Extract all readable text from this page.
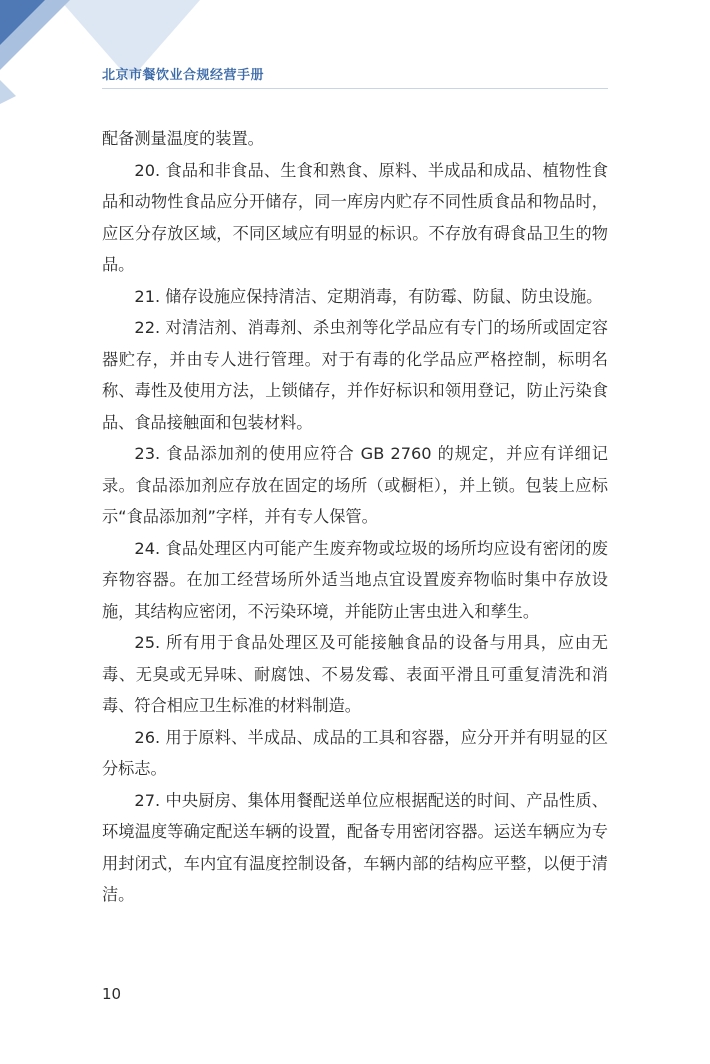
北京市餐饮业合规经营手册

配备测量温度的装置。

20. 食品和非食品、生食和熟食、原料、半成品和成品、植物性食品和动物性食品应分开储存，同一库房内贮存不同性质食品和物品时，应区分存放区域，不同区域应有明显的标识。不存放有碍食品卫生的物品。

21. 储存设施应保持清洁、定期消毒，有防霉、防鼠、防虫设施。

22. 对清洁剂、消毒剂、杀虫剂等化学品应有专门的场所或固定容器贮存，并由专人进行管理。对于有毒的化学品应严格控制，标明名称、毒性及使用方法，上锁储存，并作好标识和领用登记，防止污染食品、食品接触面和包装材料。

23. 食品添加剂的使用应符合 GB 2760 的规定，并应有详细记录。食品添加剂应存放在固定的场所（或橱柜），并上锁。包装上应标示“食品添加剂”字样，并有专人保管。

24. 食品处理区内可能产生废弃物或垃圾的场所均应设有密闭的废弃物容器。在加工经营场所外适当地点宜设置废弃物临时集中存放设施，其结构应密闭，不污染环境，并能防止害虫进入和孳生。

25. 所有用于食品处理区及可能接触食品的设备与用具，应由无毒、无臭或无异味、耐腐蚀、不易发霉、表面平滑且可重复清洗和消毒、符合相应卫生标准的材料制造。

26. 用于原料、半成品、成品的工具和容器，应分开并有明显的区分标志。

27. 中央厨房、集体用餐配送单位应根据配送的时间、产品性质、环境温度等确定配送车辆的设置，配备专用密闭容器。运送车辆应为专用封闭式，车内宜有温度控制设备，车辆内部的结构应平整，以便于清洁。

10
